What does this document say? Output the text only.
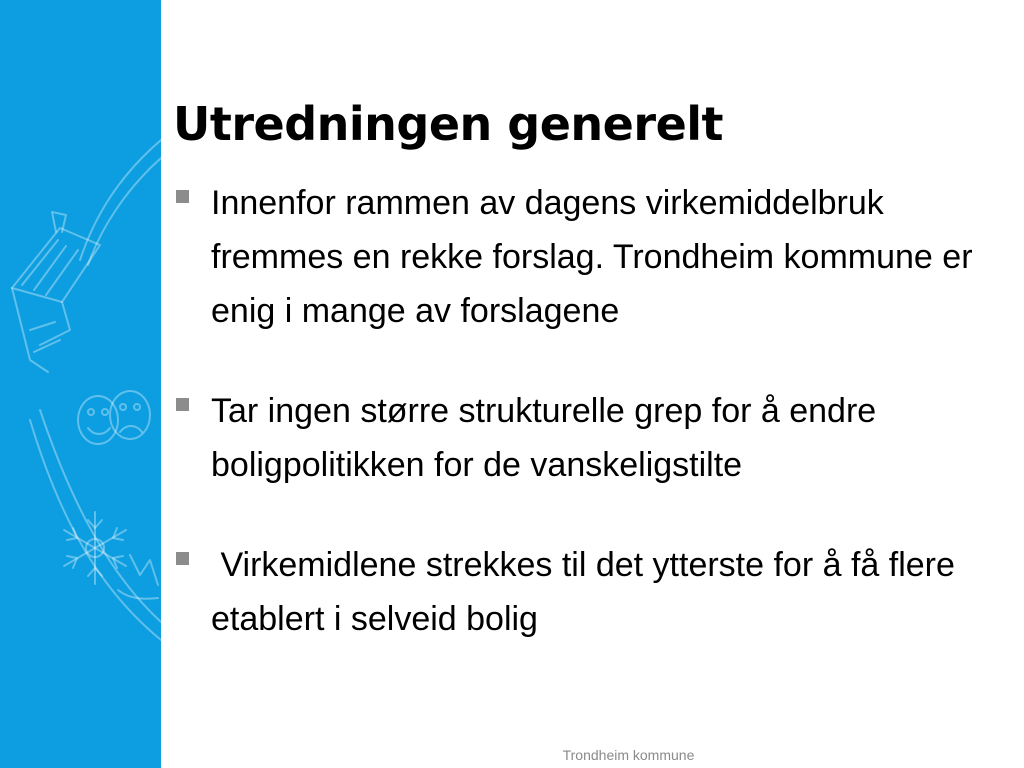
Utredningen generelt
Innenfor rammen av dagens virkemiddelbruk fremmes en rekke forslag. Trondheim kommune er enig i mange av forslagene
Tar ingen større strukturelle grep for å endre boligpolitikken for de vanskeligstilte
Virkemidlene strekkes til det ytterste for å få flere etablert i selveid bolig
Trondheim kommune
